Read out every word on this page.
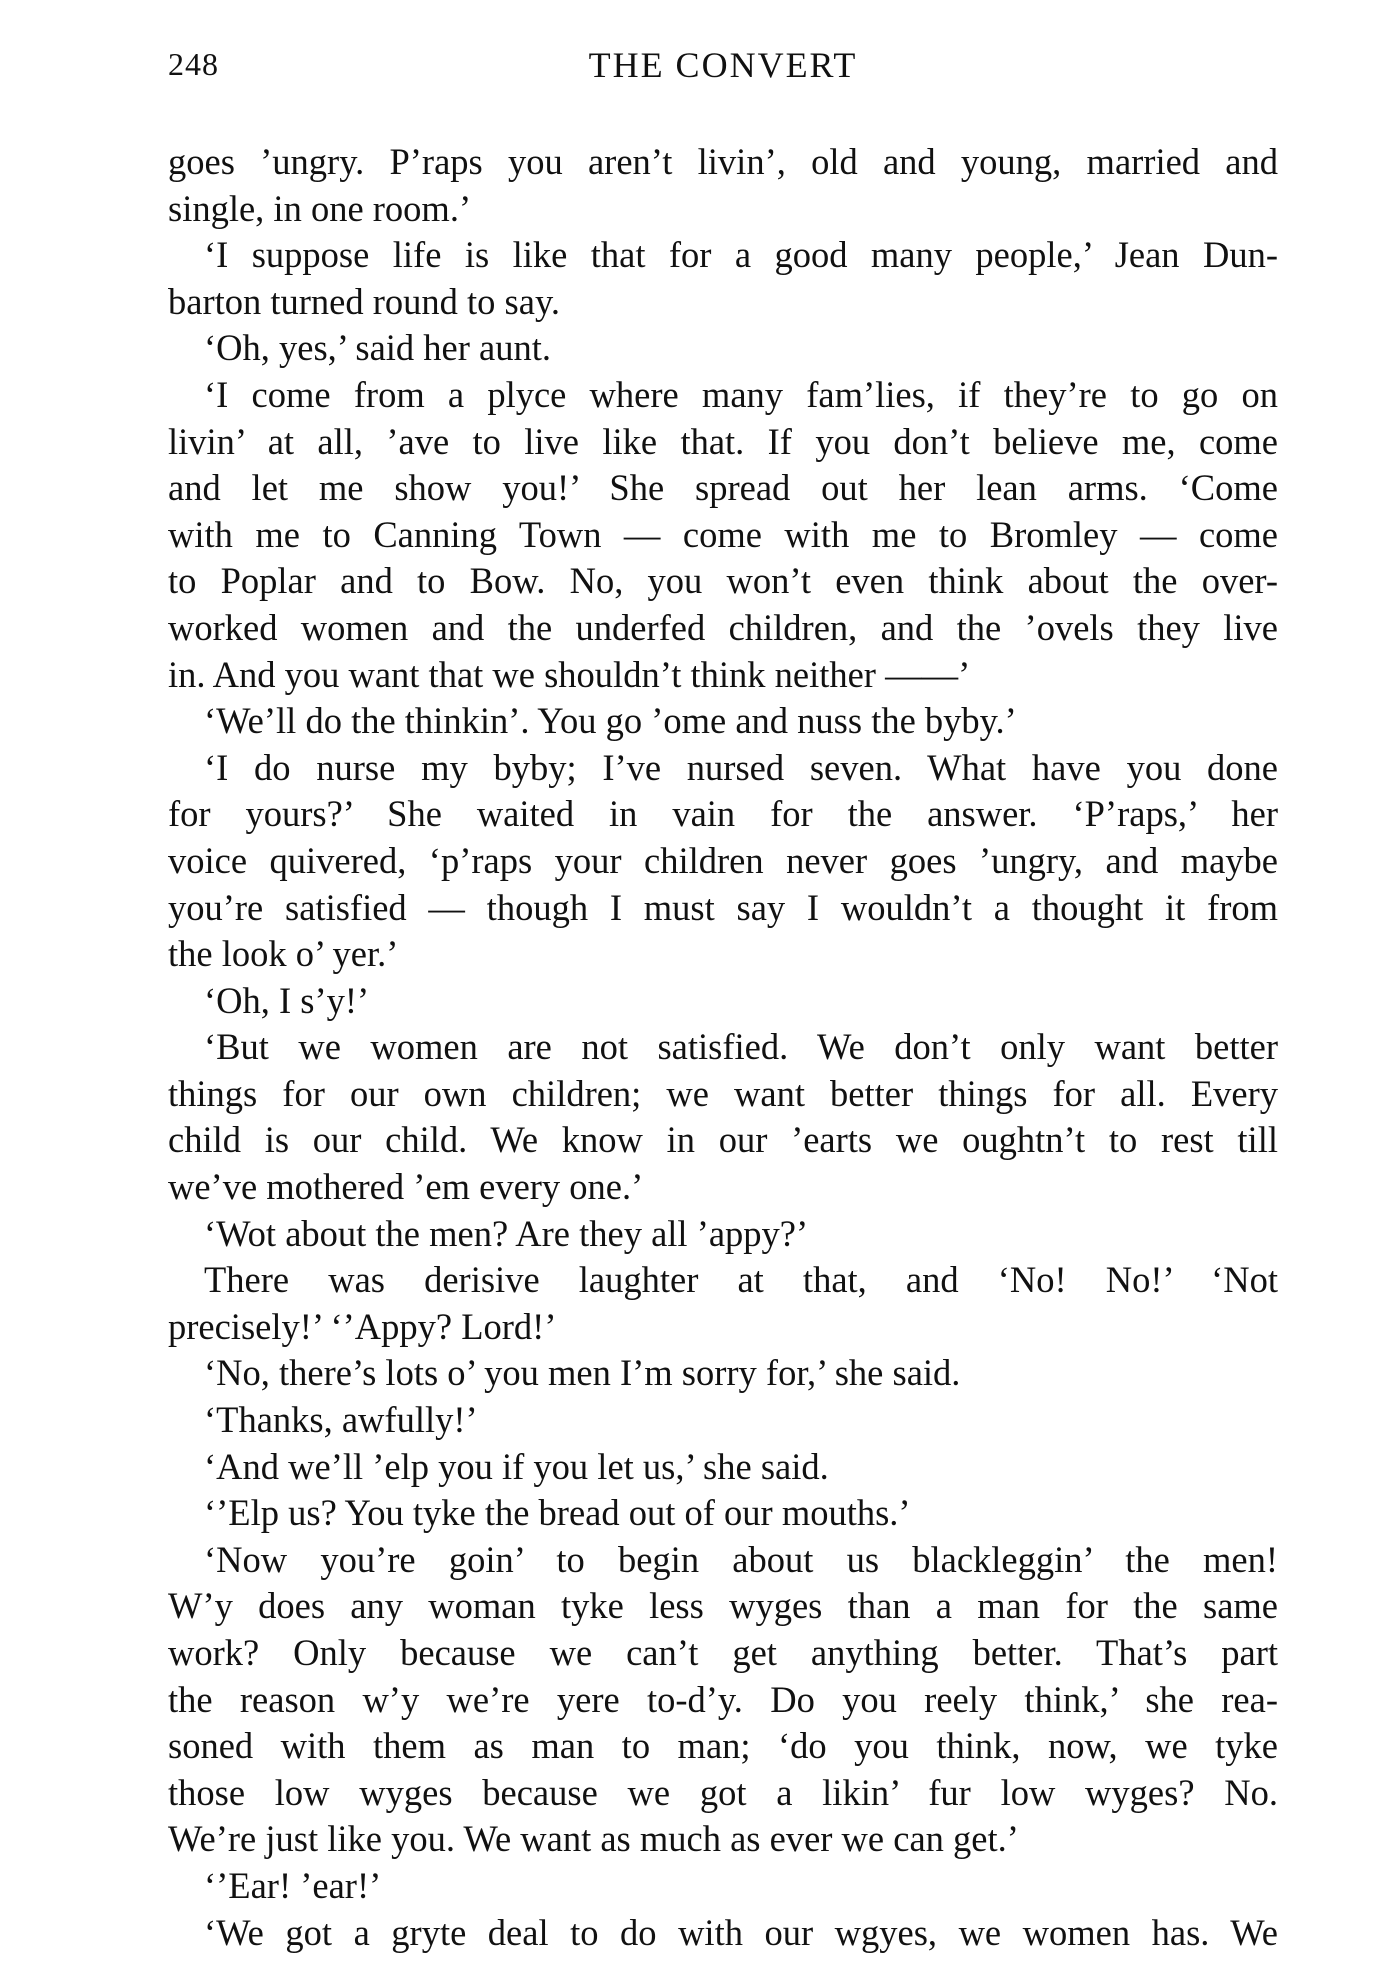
248	THE CONVERT
goes ’ungry. P’raps you aren’t livin’, old and young, married and
single, in one room.’
‘I suppose life is like that for a good many people,’ Jean Dun-
barton turned round to say.
‘Oh, yes,’ said her aunt.
‘I come from a plyce where many fam’lies, if they’re to go on
livin’ at all, ’ave to live like that. If you don’t believe me, come
and let me show you!’ She spread out her lean arms. ‘Come
with me to Canning Town — come with me to Bromley — come
to Poplar and to Bow. No, you won’t even think about the over-
worked women and the underfed children, and the ’ovels they live
in. And you want that we shouldn’t think neither ——’
‘We’ll do the thinkin’. You go ’ome and nuss the byby.’
‘I do nurse my byby; I’ve nursed seven. What have you done
for yours?’ She waited in vain for the answer. ‘P’raps,’ her
voice quivered, ‘p’raps your children never goes ’ungry, and maybe
you’re satisfied — though I must say I wouldn’t a thought it from
the look o’ yer.’
‘Oh, I s’y!’
‘But we women are not satisfied. We don’t only want better
things for our own children; we want better things for all. Every
child is our child. We know in our ’earts we oughtn’t to rest till
we’ve mothered ’em every one.’
‘Wot about the men? Are they all ’appy?’
There was derisive laughter at that, and ‘No! No!’ ‘Not
precisely!’ ‘’Appy? Lord!’
‘No, there’s lots o’ you men I’m sorry for,’ she said.
‘Thanks, awfully!’
‘And we’ll ’elp you if you let us,’ she said.
‘’Elp us? You tyke the bread out of our mouths.’
‘Now you’re goin’ to begin about us blackleggin’ the men!
W’y does any woman tyke less wyges than a man for the same
work? Only because we can’t get anything better. That’s part
the reason w’y we’re yere to-d’y. Do you reely think,’ she rea-
soned with them as man to man; ‘do you think, now, we tyke
those low wyges because we got a likin’ fur low wyges? No.
We’re just like you. We want as much as ever we can get.’
‘’Ear! ’ear!’
‘We got a gryte deal to do with our wgyes, we women has. We
